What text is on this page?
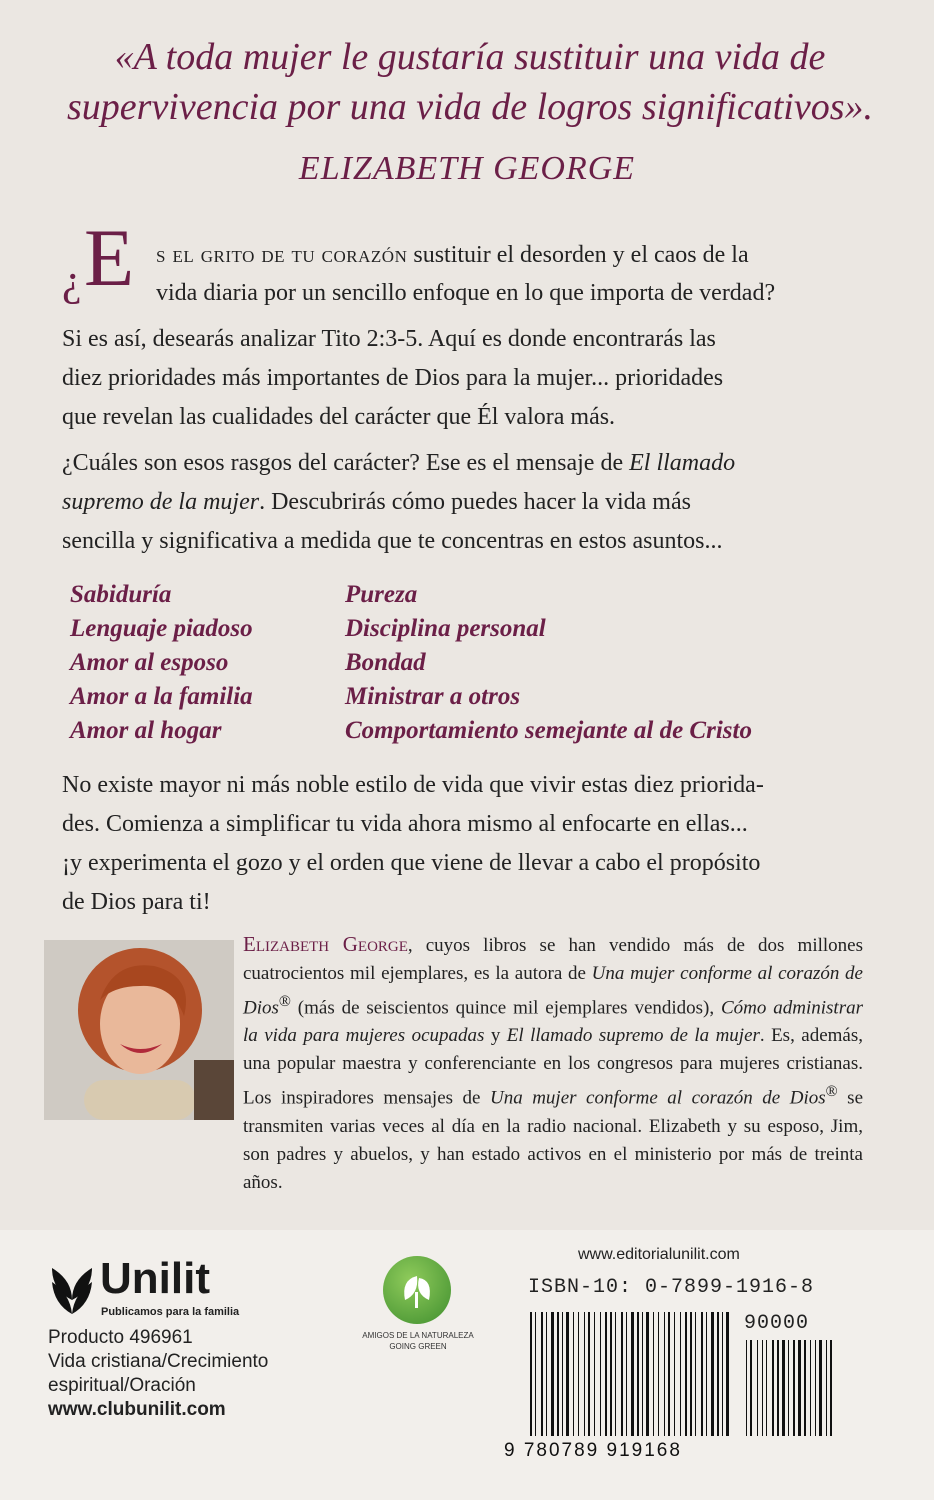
«A toda mujer le gustaría sustituir una vida de
supervivencia por una vida de logros significativos».
ELIZABETH GEORGE
¿ E s el grito de tu corazón sustituir el desorden y el caos de la
vida diaria por un sencillo enfoque en lo que importa de verdad?

Si es así, desearás analizar Tito 2:3-5. Aquí es donde encontrarás las

diez prioridades más importantes de Dios para la mujer... prioridades

que revelan las cualidades del carácter que Él valora más.

¿Cuáles son esos rasgos del carácter? Ese es el mensaje de El llamado

supremo de la mujer. Descubrirás cómo puedes hacer la vida más

sencilla y significativa a medida que te concentras en estos asuntos...

Sabiduría
Lenguaje piadoso
Amor al esposo
Amor a la familia
Amor al hogar
Pureza
Disciplina personal
Bondad
Ministrar a otros
Comportamiento semejante al de Cristo

No existe mayor ni más noble estilo de vida que vivir estas diez priorida-

des. Comienza a simplificar tu vida ahora mismo al enfocarte en ellas...

¡y experimenta el gozo y el orden que viene de llevar a cabo el propósito

de Dios para ti!

Elizabeth George, cuyos libros se han vendido más de dos millones cuatrocientos mil ejemplares, es la autora de Una mujer conforme al corazón de Dios® (más de seiscientos quince mil ejemplares vendidos), Cómo administrar la vida para mujeres ocupadas y El llamado supremo de la mujer. Es, además, una popular maestra y conferenciante en los congresos para mujeres cristianas. Los inspiradores mensajes de Una mujer conforme al corazón de Dios® se transmiten varias veces al día en la radio nacional. Elizabeth y su esposo, Jim, son padres y abuelos, y han estado activos en el ministerio por más de treinta años.
Unilit
Publicamos para la familia
Producto 496961
Vida cristiana/Crecimiento
espiritual/Oración
www.clubunilit.com
AMIGOS DE LA NATURALEZA
GOING GREEN
www.editorialunilit.com
ISBN-10: 0-7899-1916-8
90000
9 780789 919168
